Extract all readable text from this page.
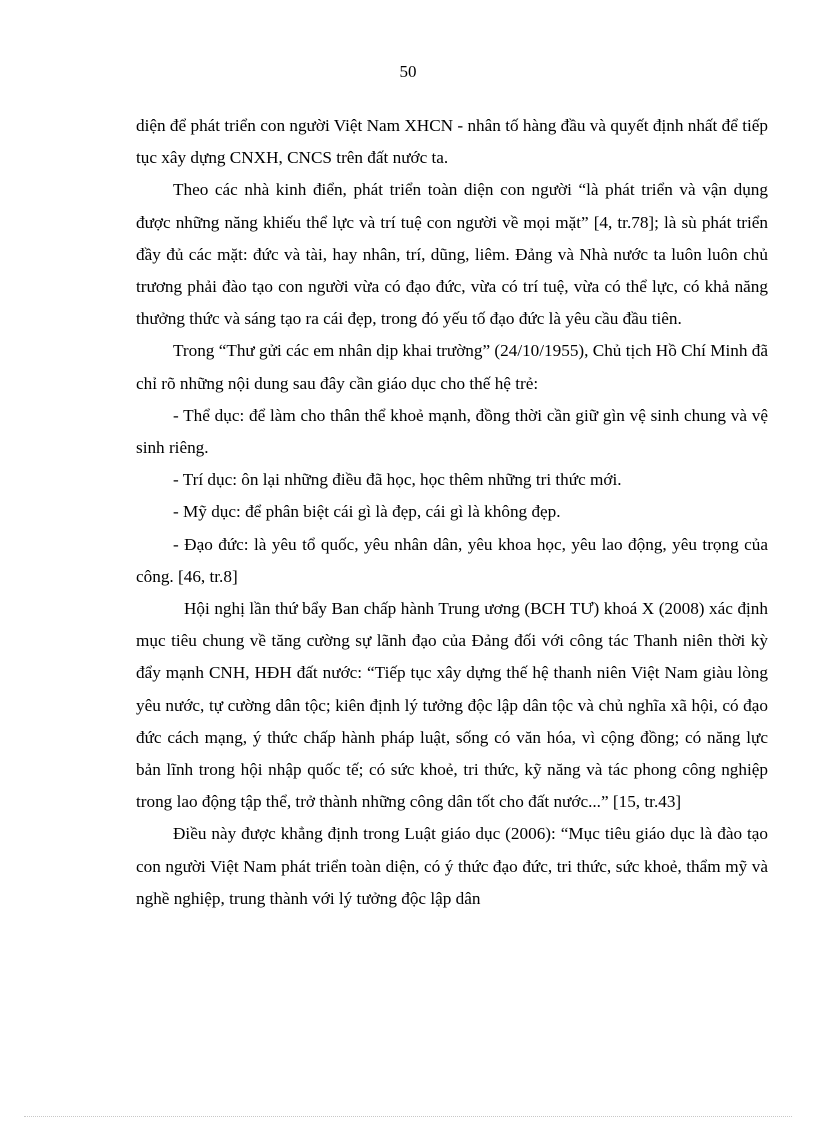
50

diện để phát triển con người Việt Nam XHCN - nhân tố hàng đầu và quyết định nhất để tiếp tục xây dựng CNXH, CNCS trên đất nước ta.

Theo các nhà kinh điển, phát triển toàn diện con người “là phát triển và vận dụng được những năng khiếu thể lực và trí tuệ con người về mọi mặt” [4, tr.78]; là sù phát triển đầy đủ các mặt: đức và tài, hay nhân, trí, dũng, liêm. Đảng và Nhà nước ta luôn luôn chủ trương phải đào tạo con người vừa có đạo đức, vừa có trí tuệ, vừa có thể lực, có khả năng thưởng thức và sáng tạo ra cái đẹp, trong đó yếu tố đạo đức là yêu cầu đầu tiên.

Trong “Thư gửi các em nhân dịp khai trường” (24/10/1955), Chủ tịch Hồ Chí Minh đã chỉ rõ những nội dung sau đây cần giáo dục cho thế hệ trẻ:

- Thể dục: để làm cho thân thể khoẻ mạnh, đồng thời cần giữ gìn vệ sinh chung và vệ sinh riêng.

- Trí dục: ôn lại những điều đã học, học thêm những tri thức mới.

- Mỹ dục: để phân biệt cái gì là đẹp, cái gì là không đẹp.

- Đạo đức: là yêu tổ quốc, yêu nhân dân, yêu khoa học, yêu lao động, yêu trọng của công. [46, tr.8]

Hội nghị lần thứ bẩy Ban chấp hành Trung ương (BCH TƯ) khoá X (2008) xác định mục tiêu chung về tăng cường sự lãnh đạo của Đảng đối với công tác Thanh niên thời kỳ đẩy mạnh CNH, HĐH đất nước: “Tiếp tục xây dựng thế hệ thanh niên Việt Nam giàu lòng yêu nước, tự cường dân tộc; kiên định lý tưởng độc lập dân tộc và chủ nghĩa xã hội, có đạo đức cách mạng, ý thức chấp hành pháp luật, sống có văn hóa, vì cộng đồng; có năng lực bản lĩnh trong hội nhập quốc tế; có sức khoẻ, tri thức, kỹ năng và tác phong công nghiệp trong lao động tập thể, trở thành những công dân tốt cho đất nước...” [15, tr.43]

Điều này được khẳng định trong Luật giáo dục (2006): “Mục tiêu giáo dục là đào tạo con người Việt Nam phát triển toàn diện, có ý thức đạo đức, tri thức, sức khoẻ, thẩm mỹ và nghề nghiệp, trung thành với lý tưởng độc lập dân
